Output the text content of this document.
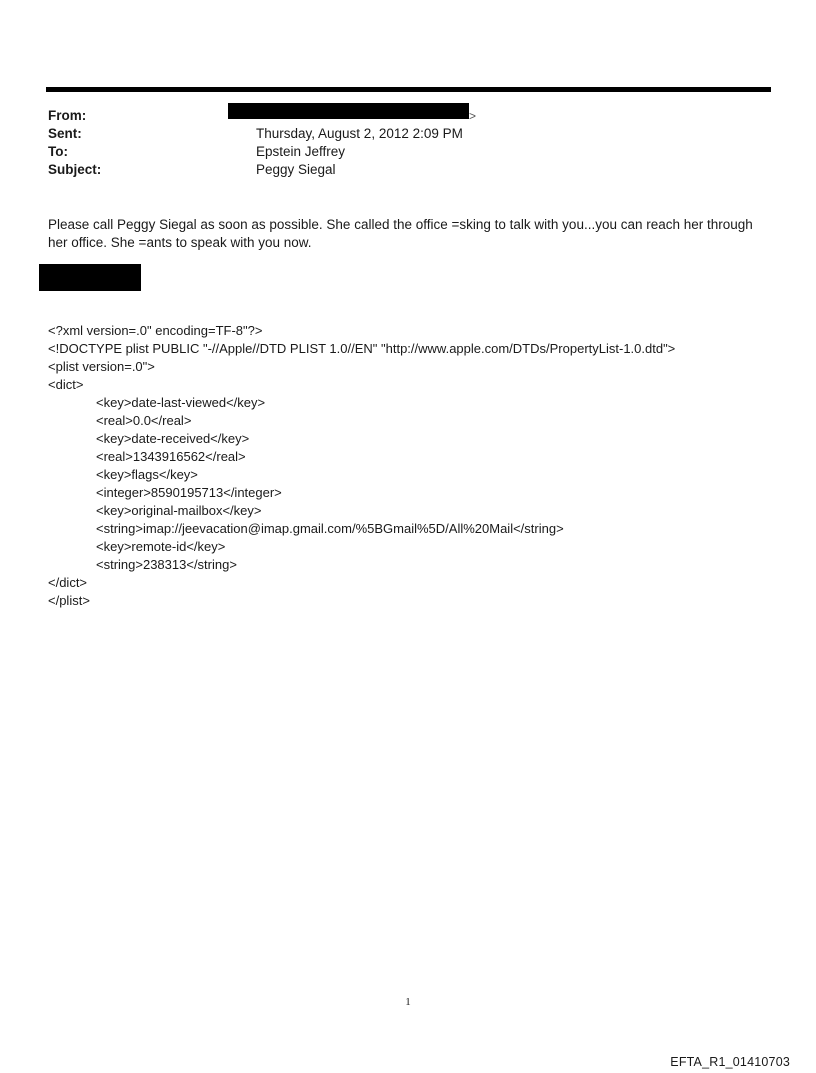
From:	>
Sent:	Thursday, August 2, 2012 2:09 PM
To:	Epstein Jeffrey
Subject:	Peggy Siegal
Please call Peggy Siegal as soon as possible. She called the office =sking to talk with you...you can reach her through her office. She =ants to speak with you now.
<?xml version=.0" encoding=TF-8"?>
<!DOCTYPE plist PUBLIC "-//Apple//DTD PLIST 1.0//EN" "http://www.apple.com/DTDs/PropertyList-1.0.dtd">
<plist version=.0">
<dict>
<key>date-last-viewed</key>
<real>0.0</real>
<key>date-received</key>
<real>1343916562</real>
<key>flags</key>
<integer>8590195713</integer>
<key>original-mailbox</key>
<string>imap://jeevacation@imap.gmail.com/%5BGmail%5D/All%20Mail</string>
<key>remote-id</key>
<string>238313</string>
</dict>
</plist>
1
EFTA_R1_01410703
